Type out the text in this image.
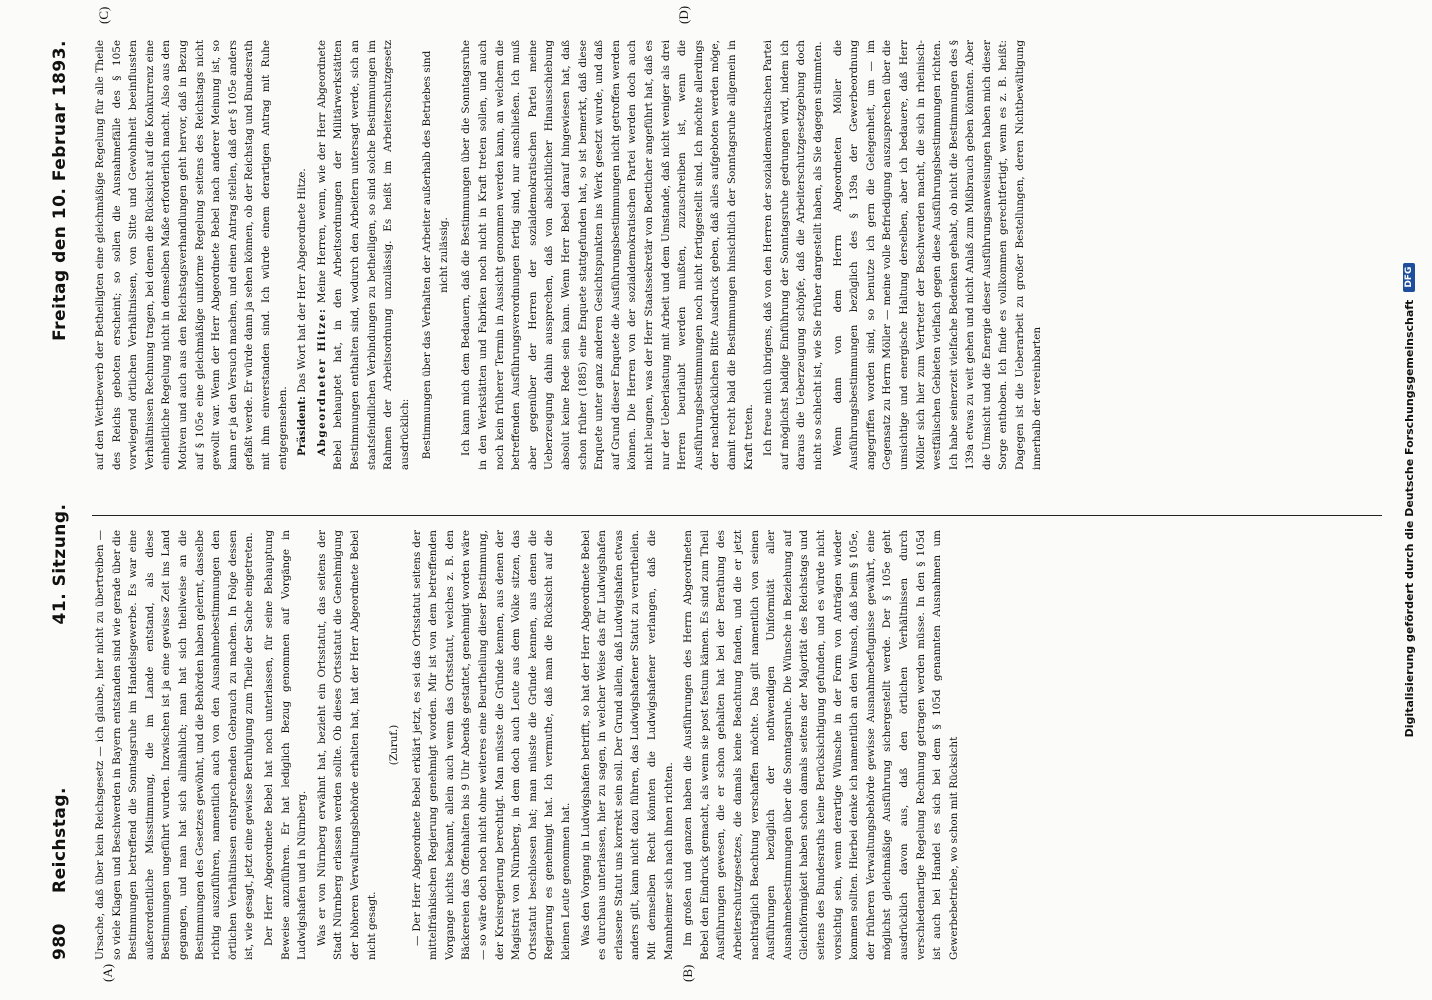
980
Reichstag.
41. Sitzung.
Freitag den 10. Februar 1893.
(A)	(B)
(C)	(D)

Ursache, daß über kein Reichsgesetz — ich glaube, hier nicht zu übertreiben — so viele Klagen und Beschwerden in Bayern entstanden sind wie gerade über die Bestimmungen betreffend die Sonntagsruhe im Handelsgewerbe. Es war eine außerordentliche Missstimmung, die im Lande entstand, als diese Bestimmungen ungeführt wurden. Inzwischen ist ja eine gewisse Zeit ins Land gegangen, und man hat sich allmählich; man hat sich theilweise an die Bestimmungen des Gesetzes gewöhnt, und die Behörden haben gelernt, dasselbe richtig auszuführen, namentlich auch von den Ausnahmebestimmungen den örtlichen Verhältnissen entsprechenden Gebrauch zu machen. In Folge dessen ist, wie gesagt, jetzt eine gewisse Beruhigung zum Theile der Sache eingetreten. Der Herr Abgeordnete Bebel hat noch unterlassen, für seine Behauptung Beweise anzuführen. Er hat lediglich Bezug genommen auf Vorgänge in Ludwigshafen und in Nürnberg. Was er von Nürnberg erwähnt hat, bezieht ein Ortsstatut, das seitens der Stadt Nürnberg erlassen werden sollte. Ob dieses Ortsstatut die Genehmigung der höheren Verwaltungsbehörde erhalten hat, hat der Herr Abgeordnete Bebel nicht gesagt.

(Zuruf.) — Der Herr Abgeordnete Bebel erklärt jetzt, es sei das Ortsstatut seitens der mittelfränkischen Regierung genehmigt worden. Mir ist von dem betreffenden Vorgange nichts bekannt, allein auch wenn das Ortsstatut, welches z. B. den Bäckereien das Offenhalten bis 9 Uhr Abends gestattet, genehmigt worden wäre — so wäre doch noch nicht ohne weiteres eine Beurtheilung dieser Bestimmung, der Kreisregierung berechtigt. Man müsste die Gründe kennen, aus denen der Magistrat von Nürnberg, in dem doch auch Leute aus dem Volke sitzen, das Ortsstatut beschlossen hat; man müsste die Gründe kennen, aus denen die Regierung es genehmigt hat. Ich vermuthe, daß man die Rücksicht auf die kleinen Leute genommen hat. Was den Vorgang in Ludwigshafen betrifft, so hat der Herr Abgeordnete Bebel es durchaus unterlassen, hier zu sagen, in welcher Weise das für Ludwigshafen erlassene Statut uns korrekt sein soll. Der Grund allein, daß Ludwigshafen etwas anders gilt, kann nicht dazu führen, das Ludwigshafener Statut zu verurtheilen. Mit demselben Recht könnten die Ludwigshafener verlangen, daß die Mannheimer sich nach ihnen richten. Im großen und ganzen haben die Ausführungen des Herrn Abgeordneten Bebel den Eindruck gemacht, als wenn sie post festum kämen. Es sind zum Theil Ausführungen gewesen, die er schon gehalten hat bei der Berathung des Arbeiterschutzgesetzes, die damals keine Beachtung fanden, und die er jetzt nachträglich Beachtung verschaffen möchte. Das gilt namentlich von seinen Ausführungen bezüglich der nothwendigen Uniformität aller Ausnahmebestimmungen über die Sonntagsruhe. Die Wünsche in Beziehung auf Gleichförmigkeit haben schon damals seitens der Majorität des Reichstags und seitens des Bundesraths keine Berücksichtigung gefunden, und es würde nicht vorsichtig sein, wenn derartige Wünsche in der Form von Anträgen wieder kommen sollten. Hierbei denke ich namentlich an den Wunsch, daß beim § 105e, der früheren Verwaltungsbehörde gewisse Ausnahmebefugnisse gewährt, eine möglichst gleichmäßige Ausführung sichergestellt werde. Der § 105e geht ausdrücklich davon aus, daß den örtlichen Verhältnissen durch verschiedenartige Regelung Rechnung getragen werden müsse. In den § 105d ist auch bei Handel es sich bei dem § 105d genannten Ausnahmen um Gewerbebetriebe, wo schon mit Rücksicht

auf den Wettbewerb der Betheiligten eine gleichmäßige Regelung für alle Theile des Reichs geboten erscheint; so sollen die Ausnahmefälle des § 105e vorwiegend örtlichen Verhältnissen, von Sitte und Gewohnheit beeinflussten Verhältnissen Rechnung tragen, bei denen die Rücksicht auf die Konkurrenz eine einheitliche Regelung nicht in demselben Maße erforderlich macht. Also aus den Motiven und auch aus den Reichstagsverhandlungen geht hervor, daß in Bezug auf § 105e eine gleichmäßige uniforme Regelung seitens des Reichstags nicht gewollt war. Wenn der Herr Abgeordnete Bebel nach anderer Meinung ist, so kann er ja den Versuch machen, und einen Antrag stellen, daß der § 105e anders gefaßt werde. Er würde dann ja sehen können, ob der Reichstag und Bundesrath mit ihm einverstanden sind. Ich würde einem derartigen Antrag mit Ruhe entgegensehen. Präsident: Das Wort hat der Herr Abgeordnete Hitze. Abgeordneter Hitze: Meine Herren, wenn, wie der Herr Abgeordnete Bebel behauptet hat, in den Arbeitsordnungen der Militärwerkstätten Bestimmungen enthalten sind, wodurch den Arbeitern untersagt werde, sich an staatsfeindlichen Verbindungen zu betheiligen, so sind solche Bestimmungen im Rahmen der Arbeitsordnung unzulässig. Es heißt im Arbeiterschutzgesetz ausdrücklich: Bestimmungen über das Verhalten der Arbeiter außerhalb des Betriebes sind nicht zulässig. Ich kann mich dem Bedauern, daß die Bestimmungen über die Sonntagsruhe in den Werkstätten und Fabriken noch nicht in Kraft treten sollen, und auch noch kein früherer Termin in Aussicht genommen werden kann, an welchem die betreffenden Ausführungsverordnungen fertig sind, nur anschließen. Ich muß aber gegenüber der Herren der sozialdemokratischen Partei meine Ueberzeugung dahin aussprechen, daß von absichtlicher Hinausschiebung absolut keine Rede sein kann. Wenn Herr Bebel darauf hingewiesen hat, daß schon früher (1885) eine Enquete stattgefunden hat, so ist bemerkt, daß diese Enquete unter ganz anderen Gesichtspunkten ins Werk gesetzt wurde, und daß auf Grund dieser Enquete die Ausführungsbestimmungen nicht getroffen werden können. Die Herren von der sozialdemokratischen Partei werden doch auch nicht leugnen, was der Herr Staatssekretär von Boetticher angeführt hat, daß es nur der Ueberlastung mit Arbeit und dem Umstande, daß nicht weniger als drei Herren beurlaubt werden mußten, zuzuschreiben ist, wenn die Ausführungsbestimmungen noch nicht fertiggestellt sind. Ich möchte allerdings der nachdrücklichen Bitte Ausdruck geben, daß alles aufgeboten werden möge, damit recht bald die Bestimmungen hinsichtlich der Sonntagsruhe allgemein in Kraft treten. Ich freue mich übrigens, daß von den Herren der sozialdemokratischen Partei auf möglichst baldige Einführung der Sonntagsruhe gedrungen wird, indem ich daraus die Ueberzeugung schöpfe, daß die Arbeiterschutzgesetzgebung doch nicht so schlecht ist, wie Sie früher dargestellt haben, als Sie dagegen stimmten. Wenn dann von dem Herrn Abgeordneten Möller die Ausführungsbestimmungen bezüglich des § 139a der Gewerbeordnung angegriffen worden sind, so benutze ich gern die Gelegenheit, um — im Gegensatz zu Herrn Möller — meine volle Befriedigung auszusprechen über die umsichtige und energische Haltung derselben, aber ich bedauere, daß Herr Möller sich hier zum Vertreter der Beschwerden macht, die sich in rheinisch-westfälischen Gebieten vielfach gegen diese Ausführungsbestimmungen richten. Ich habe seinerzeit vielfache Bedenken gehabt, ob nicht die Bestimmungen des § 139a etwas zu weit gehen und nicht Anlaß zum Mißbrauch geben könnten. Aber die Umsicht und die Energie dieser Ausführungsanweisungen haben mich dieser Sorge enthoben. Ich finde es vollkommen gerechtfertigt, wenn es z. B. heißt: Dagegen ist die Ueberarbeit zu großer Bestellungen, deren Nichtbewältigung innerhalb der vereinbarten	Digitalisierung gefördert durch die Deutsche Forschungsgemeinschaft
DFG
